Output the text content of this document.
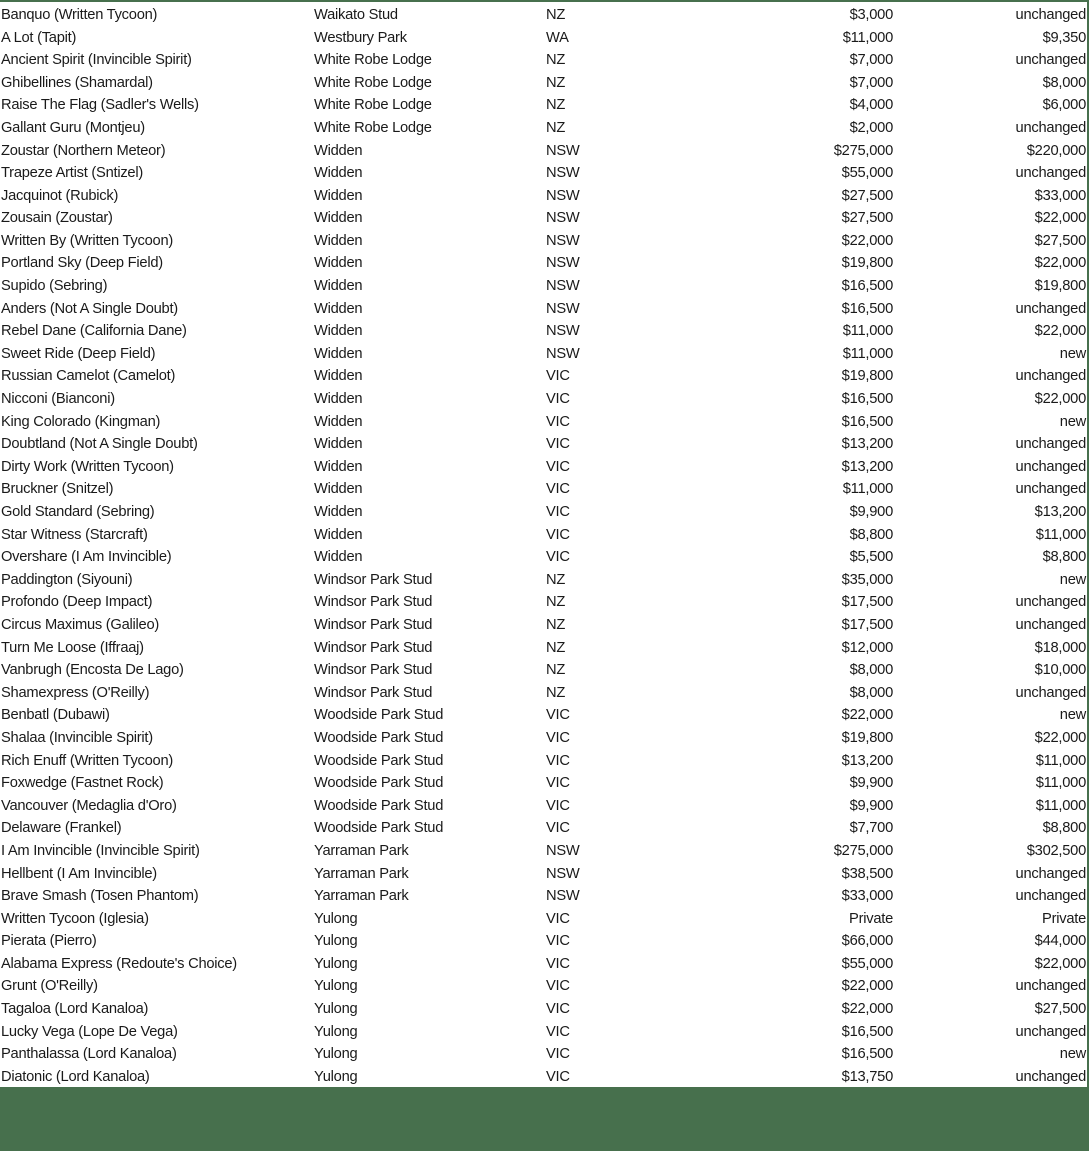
Banquo (Written Tycoon)	Waikato Stud	NZ	$3,000	unchanged
A Lot (Tapit)	Westbury Park	WA	$11,000	$9,350
Ancient Spirit (Invincible Spirit)	White Robe Lodge	NZ	$7,000	unchanged
Ghibellines (Shamardal)	White Robe Lodge	NZ	$7,000	$8,000
Raise The Flag (Sadler's Wells)	White Robe Lodge	NZ	$4,000	$6,000
Gallant Guru (Montjeu)	White Robe Lodge	NZ	$2,000	unchanged
Zoustar (Northern Meteor)	Widden	NSW	$275,000	$220,000
Trapeze Artist (Sntizel)	Widden	NSW	$55,000	unchanged
Jacquinot (Rubick)	Widden	NSW	$27,500	$33,000
Zousain (Zoustar)	Widden	NSW	$27,500	$22,000
Written By (Written Tycoon)	Widden	NSW	$22,000	$27,500
Portland Sky (Deep Field)	Widden	NSW	$19,800	$22,000
Supido (Sebring)	Widden	NSW	$16,500	$19,800
Anders (Not A Single Doubt)	Widden	NSW	$16,500	unchanged
Rebel Dane (California Dane)	Widden	NSW	$11,000	$22,000
Sweet Ride (Deep Field)	Widden	NSW	$11,000	new
Russian Camelot (Camelot)	Widden	VIC	$19,800	unchanged
Nicconi (Bianconi)	Widden	VIC	$16,500	$22,000
King Colorado (Kingman)	Widden	VIC	$16,500	new
Doubtland (Not A Single Doubt)	Widden	VIC	$13,200	unchanged
Dirty Work (Written Tycoon)	Widden	VIC	$13,200	unchanged
Bruckner (Snitzel)	Widden	VIC	$11,000	unchanged
Gold Standard (Sebring)	Widden	VIC	$9,900	$13,200
Star Witness (Starcraft)	Widden	VIC	$8,800	$11,000
Overshare (I Am Invincible)	Widden	VIC	$5,500	$8,800
Paddington (Siyouni)	Windsor Park Stud	NZ	$35,000	new
Profondo (Deep Impact)	Windsor Park Stud	NZ	$17,500	unchanged
Circus Maximus (Galileo)	Windsor Park Stud	NZ	$17,500	unchanged
Turn Me Loose (Iffraaj)	Windsor Park Stud	NZ	$12,000	$18,000
Vanbrugh (Encosta De Lago)	Windsor Park Stud	NZ	$8,000	$10,000
Shamexpress (O'Reilly)	Windsor Park Stud	NZ	$8,000	unchanged
Benbatl (Dubawi)	Woodside Park Stud	VIC	$22,000	new
Shalaa (Invincible Spirit)	Woodside Park Stud	VIC	$19,800	$22,000
Rich Enuff (Written Tycoon)	Woodside Park Stud	VIC	$13,200	$11,000
Foxwedge (Fastnet Rock)	Woodside Park Stud	VIC	$9,900	$11,000
Vancouver (Medaglia d'Oro)	Woodside Park Stud	VIC	$9,900	$11,000
Delaware (Frankel)	Woodside Park Stud	VIC	$7,700	$8,800
I Am Invincible (Invincible Spirit)	Yarraman Park	NSW	$275,000	$302,500
Hellbent (I Am Invincible)	Yarraman Park	NSW	$38,500	unchanged
Brave Smash (Tosen Phantom)	Yarraman Park	NSW	$33,000	unchanged
Written Tycoon (Iglesia)	Yulong	VIC	Private	Private
Pierata (Pierro)	Yulong	VIC	$66,000	$44,000
Alabama Express (Redoute's Choice)	Yulong	VIC	$55,000	$22,000
Grunt (O'Reilly)	Yulong	VIC	$22,000	unchanged
Tagaloa (Lord Kanaloa)	Yulong	VIC	$22,000	$27,500
Lucky Vega (Lope De Vega)	Yulong	VIC	$16,500	unchanged
Panthalassa (Lord Kanaloa)	Yulong	VIC	$16,500	new
Diatonic (Lord Kanaloa)	Yulong	VIC	$13,750	unchanged
